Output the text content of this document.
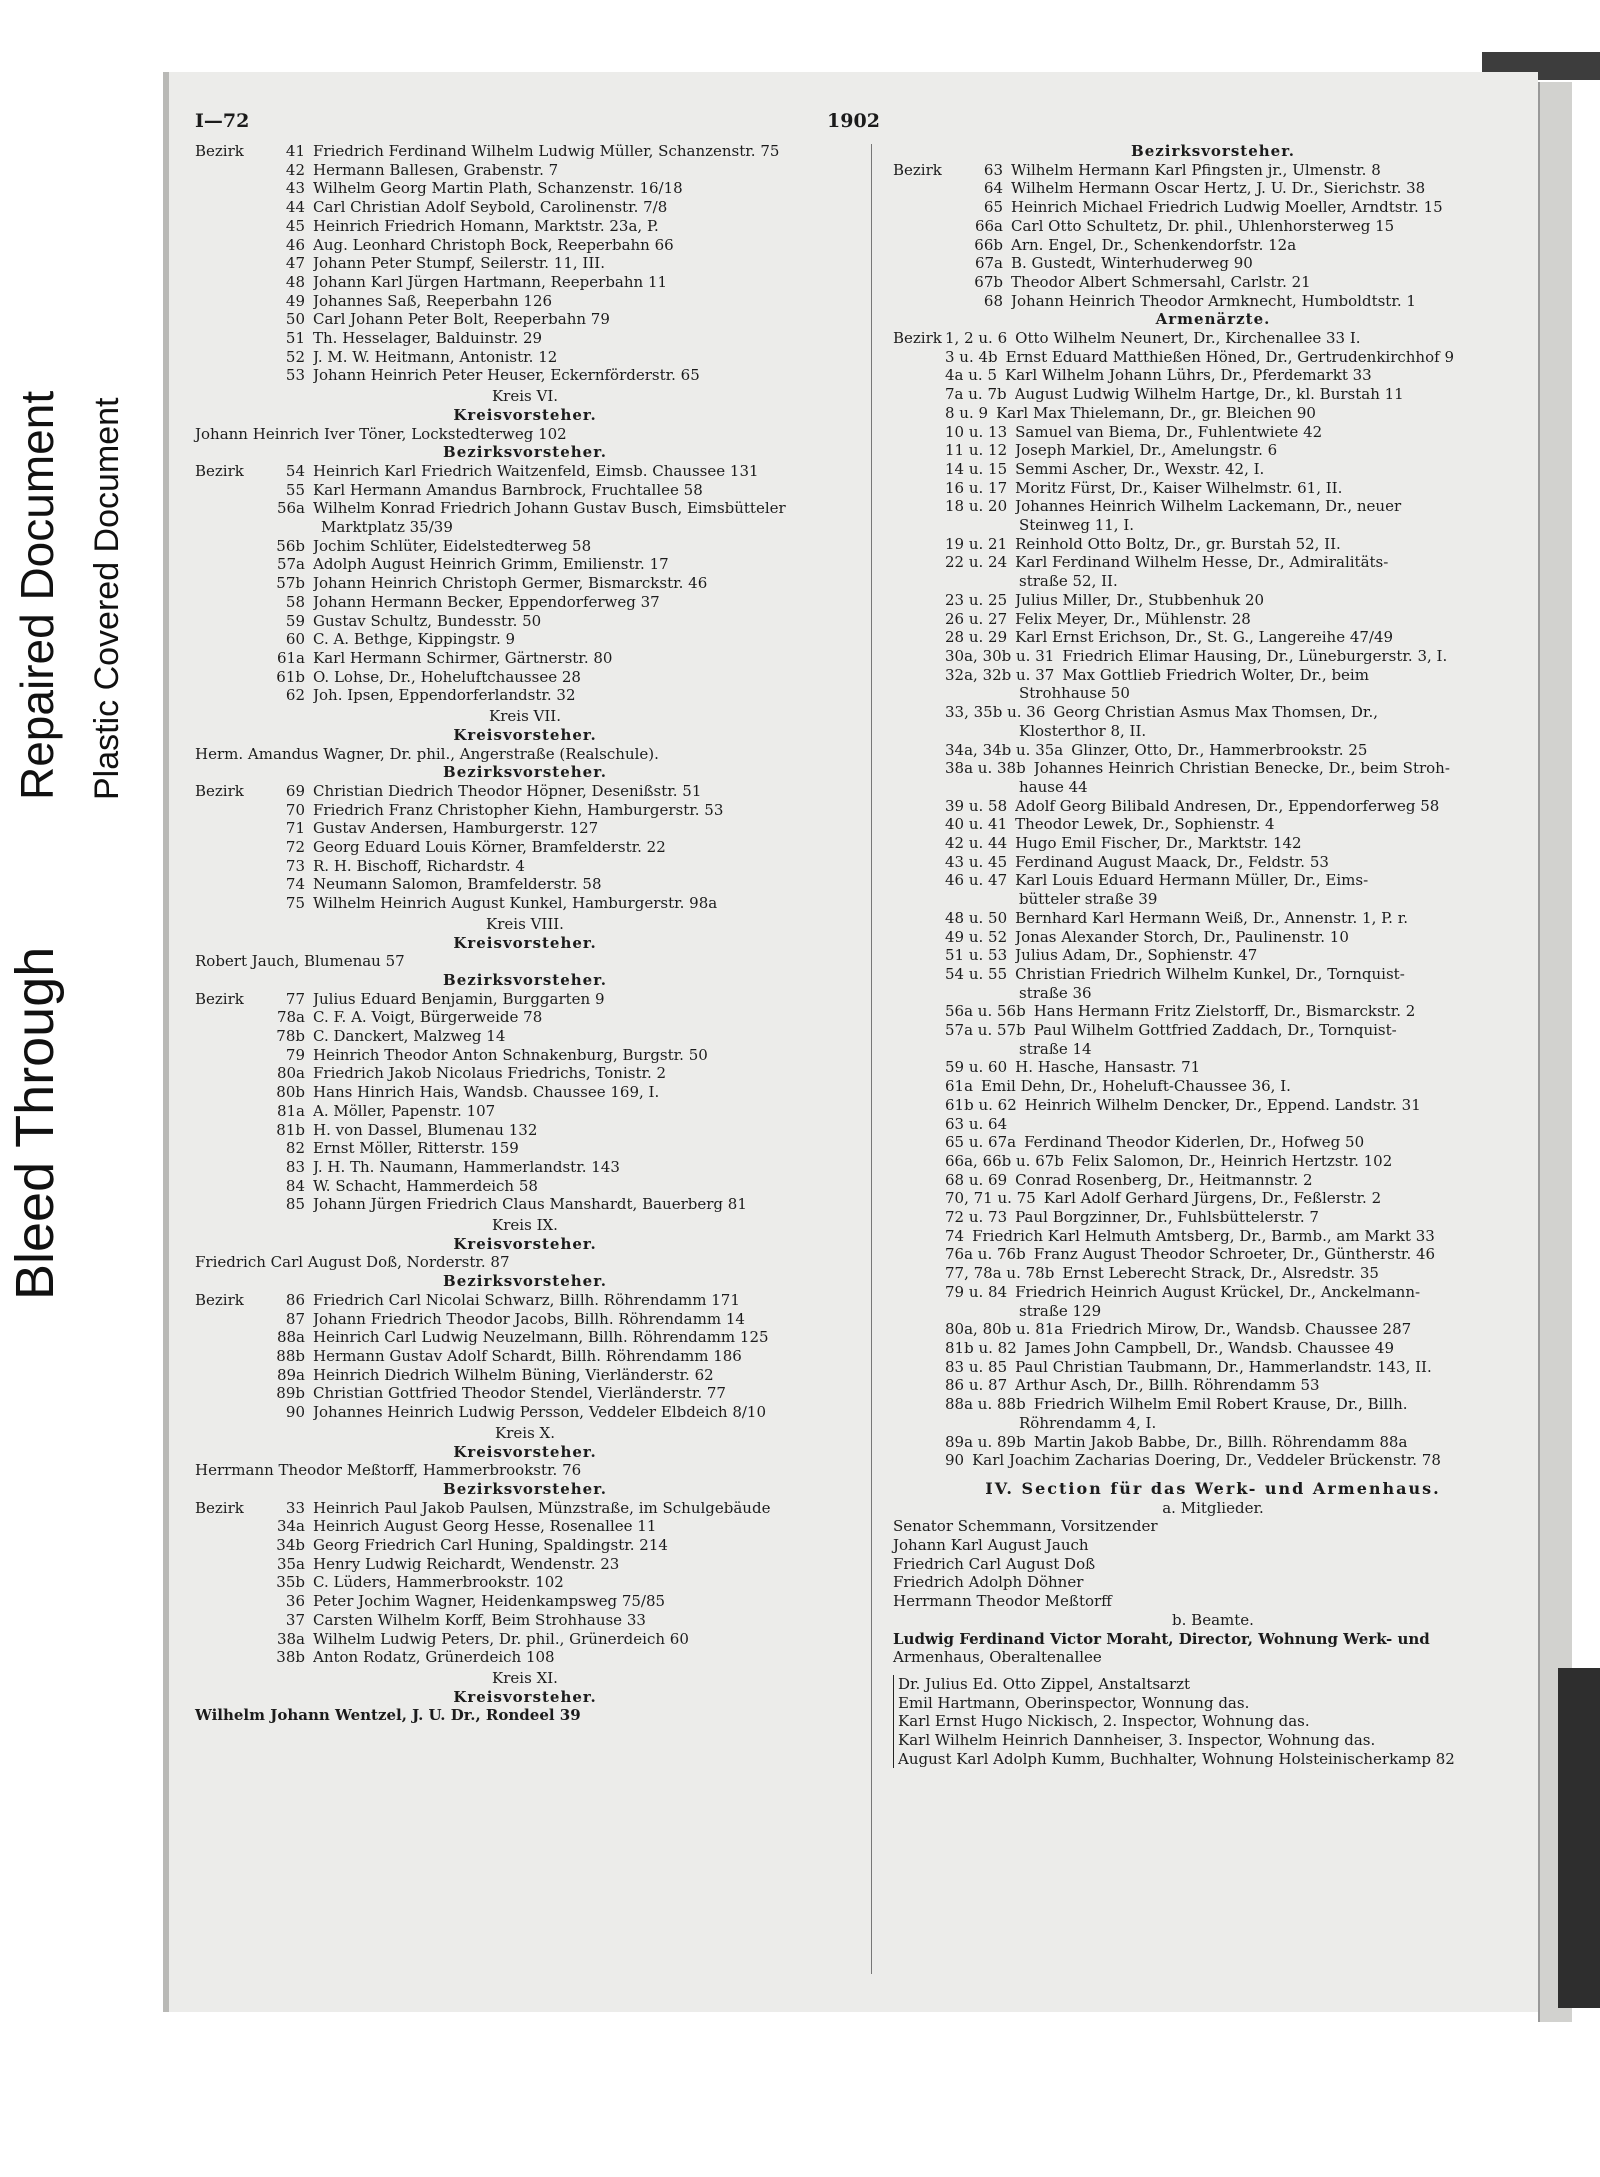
Bleed Through
Repaired Document Plastic Covered Document
I—72	1902
Bezirk	41 Friedrich Ferdinand Wilhelm Ludwig Müller, Schanzenstr. 75
42 Hermann Ballesen, Grabenstr. 7
43 Wilhelm Georg Martin Plath, Schanzenstr. 16/18
44 Carl Christian Adolf Seybold, Carolinenstr. 7/8
45 Heinrich Friedrich Homann, Marktstr. 23a, P.
46 Aug. Leonhard Christoph Bock, Reeperbahn 66
47 Johann Peter Stumpf, Seilerstr. 11, III.
48 Johann Karl Jürgen Hartmann, Reeperbahn 11
49 Johannes Saß, Reeperbahn 126
50 Carl Johann Peter Bolt, Reeperbahn 79
51 Th. Hesselager, Balduinstr. 29
52 J. M. W. Heitmann, Antonistr. 12
53 Johann Heinrich Peter Heuser, Eckernförderstr. 65
Kreis VI.
Kreisvorsteher.
Johann Heinrich Iver Töner, Lockstedterweg 102
Bezirksvorsteher.
Bezirk	54 Heinrich Karl Friedrich Waitzenfeld, Eimsb. Chaussee 131
55 Karl Hermann Amandus Barnbrock, Fruchtallee 58
56a Wilhelm Konrad Friedrich Johann Gustav Busch, Eimsbütteler
Marktplatz 35/39
56b Jochim Schlüter, Eidelstedterweg 58
57a Adolph August Heinrich Grimm, Emilienstr. 17
57b Johann Heinrich Christoph Germer, Bismarckstr. 46
58 Johann Hermann Becker, Eppendorferweg 37
59 Gustav Schultz, Bundesstr. 50
60 C. A. Bethge, Kippingstr. 9
61a Karl Hermann Schirmer, Gärtnerstr. 80
61b O. Lohse, Dr., Hoheluftchaussee 28
62 Joh. Ipsen, Eppendorferlandstr. 32
Kreis VII.
Kreisvorsteher.
Herm. Amandus Wagner, Dr. phil., Angerstraße (Realschule).
Bezirksvorsteher.
Bezirk	69 Christian Diedrich Theodor Höpner, Desenißstr. 51
70 Friedrich Franz Christopher Kiehn, Hamburgerstr. 53
71 Gustav Andersen, Hamburgerstr. 127
72 Georg Eduard Louis Körner, Bramfelderstr. 22
73 R. H. Bischoff, Richardstr. 4
74 Neumann Salomon, Bramfelderstr. 58
75 Wilhelm Heinrich August Kunkel, Hamburgerstr. 98a
Kreis VIII.
Kreisvorsteher.
Robert Jauch, Blumenau 57
Bezirksvorsteher.
Bezirk	77 Julius Eduard Benjamin, Burggarten 9
78a C. F. A. Voigt, Bürgerweide 78
78b C. Danckert, Malzweg 14
79 Heinrich Theodor Anton Schnakenburg, Burgstr. 50
80a Friedrich Jakob Nicolaus Friedrichs, Tonistr. 2
80b Hans Hinrich Hais, Wandsb. Chaussee 169, I.
81a A. Möller, Papenstr. 107
81b H. von Dassel, Blumenau 132
82 Ernst Möller, Ritterstr. 159
83 J. H. Th. Naumann, Hammerlandstr. 143
84 W. Schacht, Hammerdeich 58
85 Johann Jürgen Friedrich Claus Manshardt, Bauerberg 81
Kreis IX.
Kreisvorsteher.
Friedrich Carl August Doß, Norderstr. 87
Bezirksvorsteher.
Bezirk	86 Friedrich Carl Nicolai Schwarz, Billh. Röhrendamm 171
87 Johann Friedrich Theodor Jacobs, Billh. Röhrendamm 14
88a Heinrich Carl Ludwig Neuzelmann, Billh. Röhrendamm 125
88b Hermann Gustav Adolf Schardt, Billh. Röhrendamm 186
89a Heinrich Diedrich Wilhelm Büning, Vierländerstr. 62
89b Christian Gottfried Theodor Stendel, Vierländerstr. 77
90 Johannes Heinrich Ludwig Persson, Veddeler Elbdeich 8/10
Kreis X.
Kreisvorsteher.
Herrmann Theodor Meßtorff, Hammerbrookstr. 76
Bezirksvorsteher.
Bezirk	33 Heinrich Paul Jakob Paulsen, Münzstraße, im Schulgebäude
34a Heinrich August Georg Hesse, Rosenallee 11
34b Georg Friedrich Carl Huning, Spaldingstr. 214
35a Henry Ludwig Reichardt, Wendenstr. 23
35b C. Lüders, Hammerbrookstr. 102
36 Peter Jochim Wagner, Heidenkampsweg 75/85
37 Carsten Wilhelm Korff, Beim Strohhause 33
38a Wilhelm Ludwig Peters, Dr. phil., Grünerdeich 60
38b Anton Rodatz, Grünerdeich 108
Kreis XI.
Kreisvorsteher.
Wilhelm Johann Wentzel, J. U. Dr., Rondeel 39
Bezirksvorsteher.
Bezirk	63 Wilhelm Hermann Karl Pfingsten jr., Ulmenstr. 8
64 Wilhelm Hermann Oscar Hertz, J. U. Dr., Sierichstr. 38
65 Heinrich Michael Friedrich Ludwig Moeller, Arndtstr. 15
66a Carl Otto Schultetz, Dr. phil., Uhlenhorsterweg 15
66b Arn. Engel, Dr., Schenkendorfstr. 12a
67a B. Gustedt, Winterhuderweg 90
67b Theodor Albert Schmersahl, Carlstr. 21
68 Johann Heinrich Theodor Armknecht, Humboldtstr. 1
Armenärzte.
Bezirk 1, 2 u. 6 Otto Wilhelm Neunert, Dr., Kirchenallee 33 I.
3 u. 4b Ernst Eduard Matthießen Höned, Dr., Gertrudenkirchhof 9
4a u. 5 Karl Wilhelm Johann Lührs, Dr., Pferdemarkt 33
7a u. 7b August Ludwig Wilhelm Hartge, Dr., kl. Burstah 11
8 u. 9 Karl Max Thielemann, Dr., gr. Bleichen 90
10 u. 13 Samuel van Biema, Dr., Fuhlentwiete 42
11 u. 12 Joseph Markiel, Dr., Amelungstr. 6
14 u. 15 Semmi Ascher, Dr., Wexstr. 42, I.
16 u. 17 Moritz Fürst, Dr., Kaiser Wilhelmstr. 61, II.
18 u. 20 Johannes Heinrich Wilhelm Lackemann, Dr., neuer
Steinweg 11, I.
19 u. 21 Reinhold Otto Boltz, Dr., gr. Burstah 52, II.
22 u. 24 Karl Ferdinand Wilhelm Hesse, Dr., Admiralitäts-
straße 52, II.
23 u. 25 Julius Miller, Dr., Stubbenhuk 20
26 u. 27 Felix Meyer, Dr., Mühlenstr. 28
28 u. 29 Karl Ernst Erichson, Dr., St. G., Langereihe 47/49
30a, 30b u. 31 Friedrich Elimar Hausing, Dr., Lüneburgerstr. 3, I.
32a, 32b u. 37 Max Gottlieb Friedrich Wolter, Dr., beim
Strohhause 50
33, 35b u. 36 Georg Christian Asmus Max Thomsen, Dr.,
Klosterthor 8, II.
34a, 34b u. 35a Glinzer, Otto, Dr., Hammerbrookstr. 25
38a u. 38b Johannes Heinrich Christian Benecke, Dr., beim Stroh-
hause 44
39 u. 58 Adolf Georg Bilibald Andresen, Dr., Eppendorferweg 58
40 u. 41 Theodor Lewek, Dr., Sophienstr. 4
42 u. 44 Hugo Emil Fischer, Dr., Marktstr. 142
43 u. 45 Ferdinand August Maack, Dr., Feldstr. 53
46 u. 47 Karl Louis Eduard Hermann Müller, Dr., Eims-
bütteler straße 39
48 u. 50 Bernhard Karl Hermann Weiß, Dr., Annenstr. 1, P. r.
49 u. 52 Jonas Alexander Storch, Dr., Paulinenstr. 10
51 u. 53 Julius Adam, Dr., Sophienstr. 47
54 u. 55 Christian Friedrich Wilhelm Kunkel, Dr., Tornquist-
straße 36
56a u. 56b Hans Hermann Fritz Zielstorff, Dr., Bismarckstr. 2
57a u. 57b Paul Wilhelm Gottfried Zaddach, Dr., Tornquist-
straße 14
59 u. 60 H. Hasche, Hansastr. 71
61a Emil Dehn, Dr., Hoheluft-Chaussee 36, I.
61b u. 62 Heinrich Wilhelm Dencker, Dr., Eppend. Landstr. 31
63 u. 64
65 u. 67a Ferdinand Theodor Kiderlen, Dr., Hofweg 50
66a, 66b u. 67b Felix Salomon, Dr., Heinrich Hertzstr. 102
68 u. 69 Conrad Rosenberg, Dr., Heitmannstr. 2
70, 71 u. 75 Karl Adolf Gerhard Jürgens, Dr., Feßlerstr. 2
72 u. 73 Paul Borgzinner, Dr., Fuhlsbüttelerstr. 7
74 Friedrich Karl Helmuth Amtsberg, Dr., Barmb., am Markt 33
76a u. 76b Franz August Theodor Schroeter, Dr., Güntherstr. 46
77, 78a u. 78b Ernst Leberecht Strack, Dr., Alsredstr. 35
79 u. 84 Friedrich Heinrich August Krückel, Dr., Anckelmann-
straße 129
80a, 80b u. 81a Friedrich Mirow, Dr., Wandsb. Chaussee 287
81b u. 82 James John Campbell, Dr., Wandsb. Chaussee 49
83 u. 85 Paul Christian Taubmann, Dr., Hammerlandstr. 143, II.
86 u. 87 Arthur Asch, Dr., Billh. Röhrendamm 53
88a u. 88b Friedrich Wilhelm Emil Robert Krause, Dr., Billh.
Röhrendamm 4, I.
89a u. 89b Martin Jakob Babbe, Dr., Billh. Röhrendamm 88a
90 Karl Joachim Zacharias Doering, Dr., Veddeler Brückenstr. 78
IV. Section für das Werk- und Armenhaus.
a. Mitglieder.
Senator Schemmann, Vorsitzender
Johann Karl August Jauch
Friedrich Carl August Doß
Friedrich Adolph Döhner
Herrmann Theodor Meßtorff
b. Beamte.
Ludwig Ferdinand Victor Moraht, Director, Wohnung Werk- und
Armenhaus, Oberaltenallee
Dr. Julius Ed. Otto Zippel, Anstaltsarzt
Emil Hartmann, Oberinspector, Wonnung das.
Karl Ernst Hugo Nickisch, 2. Inspector, Wohnung das.
Karl Wilhelm Heinrich Dannheiser, 3. Inspector, Wohnung das.
August Karl Adolph Kumm, Buchhalter, Wohnung Holsteinischerkamp 82
